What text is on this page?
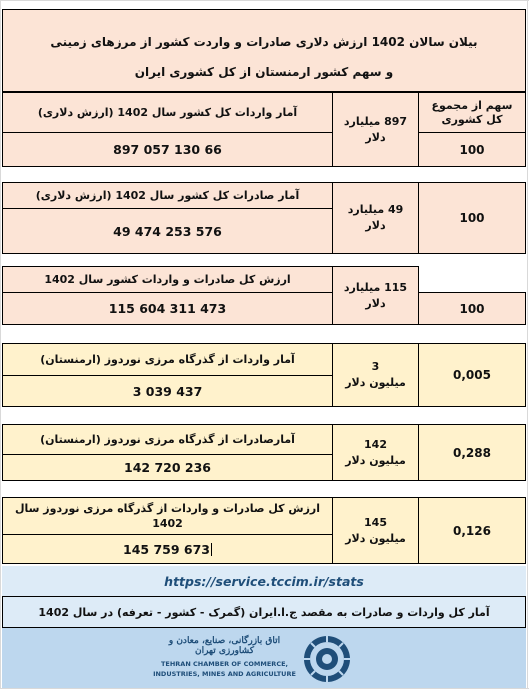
بیلان سالان 1402 ارزش دلاری صادرات و واردت کشور از مرزهای زمینی
و سهم کشور ارمنستان از کل کشوری ایران
سهم از مجموع کل کشوری
897 میلیارد
دلار
آمار واردات کل کشور سال 1402 (ارزش دلاری)
897 057 130 66	100
آمار صادرات کل کشور سال 1402 (ارزش دلاری)
49 474 253 576
49 میلیارد
دلار
100
ارزش کل صادرات و واردات کشور سال 1402
115 604 311 473
115 میلیارد
دلار	100
آمار واردات از گذرگاه مرزی نوردوز (ارمنستان)
3 039 437
3
میلیون دلار
0,005
آمارصادرات از گذرگاه مرزی نوردوز (ارمنستان)
142 720 236
142
میلیون دلار
0,288
ارزش کل صادرات و واردات از گذرگاه مرزی نوردوز سال 1402
145 759 673
145
میلیون دلار
0,126
https://service.tccim.ir/stats
آمار کل واردات و صادرات به مقصد ج.ا.ایران (گمرک - کشور - تعرفه) در سال 1402
اتاق بازرگانی، صنایع، معادن و کشاورزی تهران
TEHRAN CHAMBER OF COMMERCE,
INDUSTRIES, MINES AND AGRICULTURE
